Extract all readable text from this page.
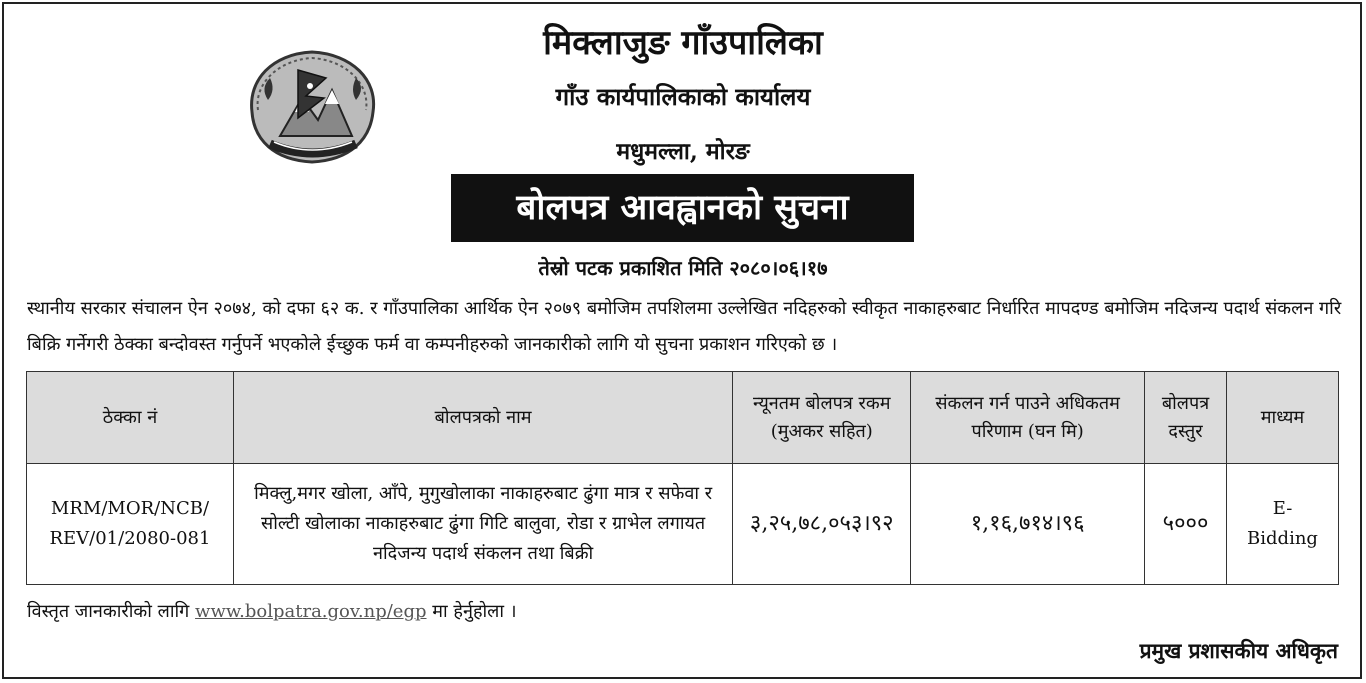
मिक्लाजुङ गाँउपालिका
गाँउ कार्यपालिकाको कार्यालय
मधुमल्ला, मोरङ
बोलपत्र आवह्वानको सुचना
तेस्रो पटक प्रकाशित मिति २०८०।०६।१७
स्थानीय सरकार संचालन ऐन २०७४, को दफा ६२ क. र गाँउपालिका आर्थिक ऐन २०७९ बमोजिम तपशिलमा उल्लेखित नदिहरुको स्वीकृत नाकाहरुबाट निर्धारित मापदण्ड बमोजिम नदिजन्य पदार्थ संकलन गरि बिक्रि गर्नेगरी ठेक्का बन्दोवस्त गर्नुपर्ने भएकोले ईच्छुक फर्म वा कम्पनीहरुको जानकारीको लागि यो सुचना प्रकाशन गरिएको छ ।
ठेक्का नं	बोलपत्रको नाम	न्यूनतम बोलपत्र रकम (मुअकर सहित)	संकलन गर्न पाउने अधिकतम परिणाम (घन मि)	बोलपत्र दस्तुर	माध्यम
MRM/MOR/NCB/ REV/01/2080-081	मिक्लु,मगर खोला, आँपे, मुगुखोलाका नाकाहरुबाट ढुंगा मात्र र सफेवा र सोल्टी खोलाका नाकाहरुबाट ढुंगा गिटि बालुवा, रोडा र ग्राभेल लगायत नदिजन्य पदार्थ संकलन तथा बिक्री	३,२५,७८,०५३।९२	१,१६,७१४।९६	५०००	E- Bidding
विस्तृत जानकारीको लागि www.bolpatra.gov.np/egp मा हेर्नुहोला ।
प्रमुख प्रशासकीय अधिकृत
